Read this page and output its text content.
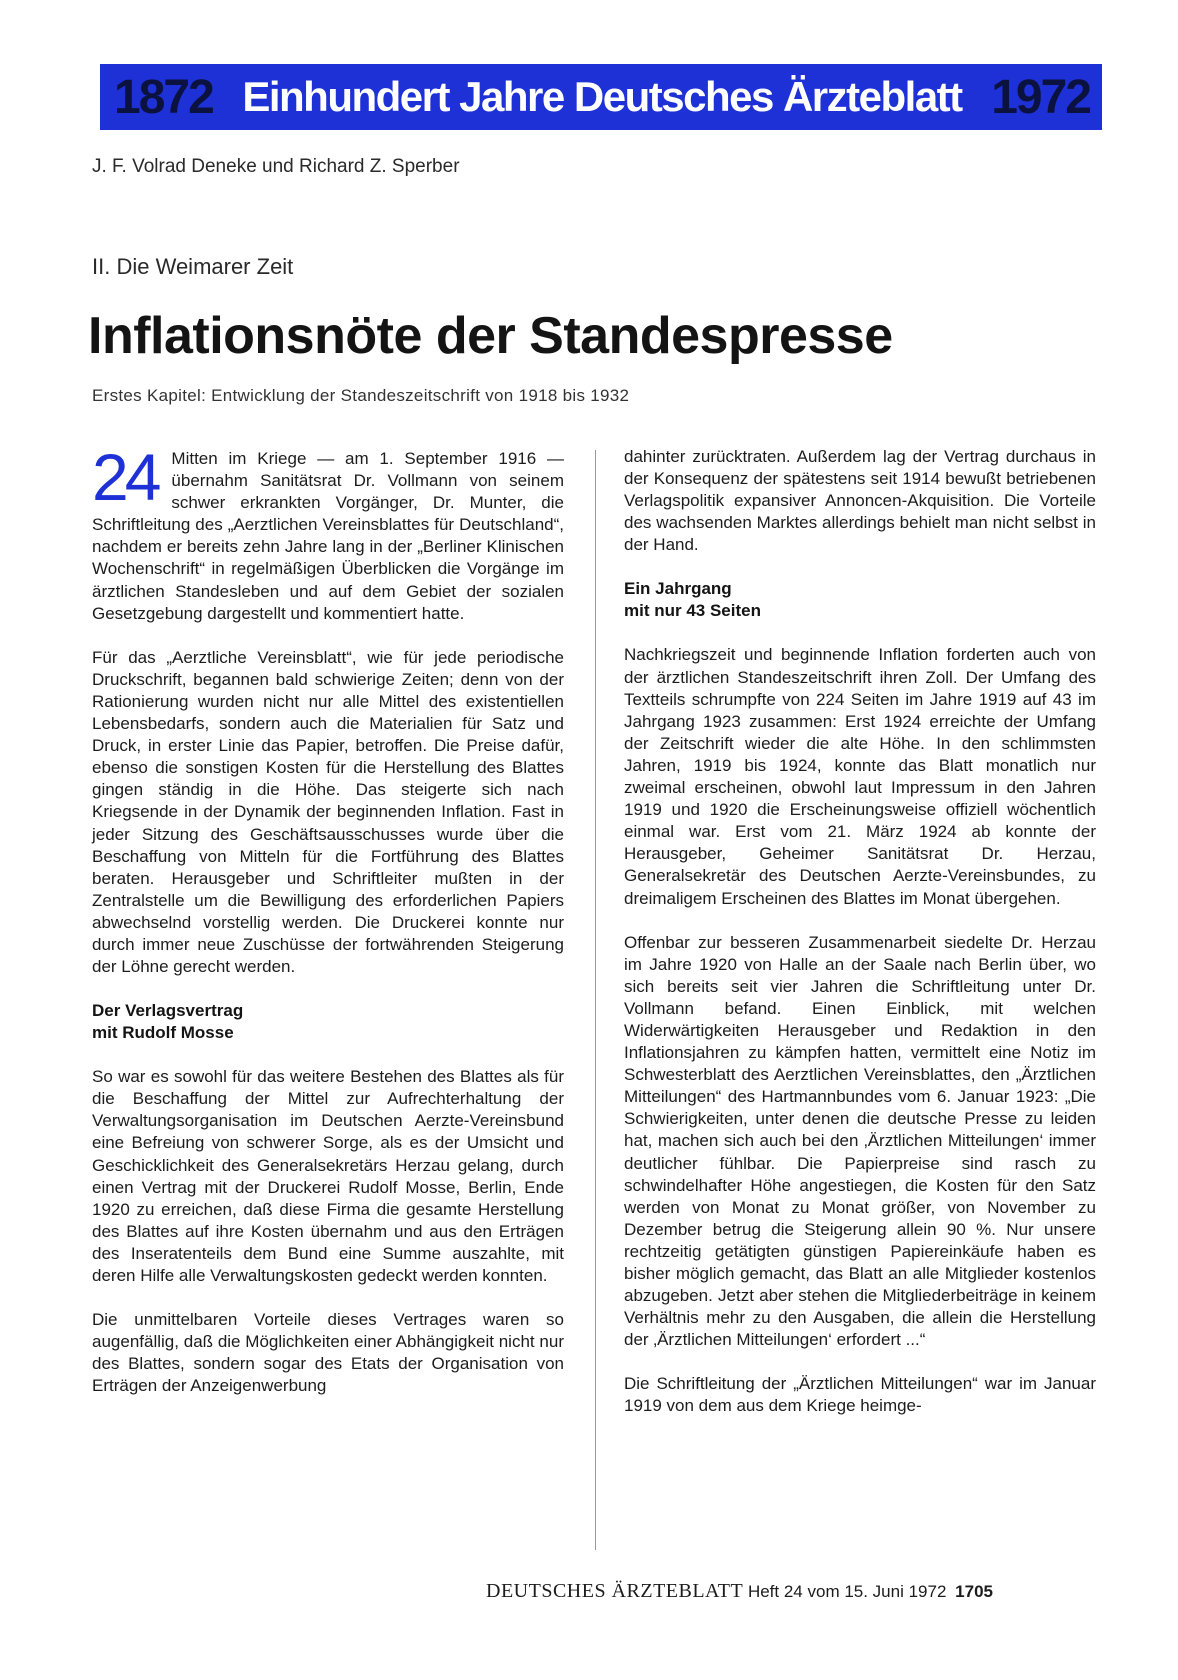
1872 Einhundert Jahre Deutsches Ärzteblatt 1972
J. F. Volrad Deneke und Richard Z. Sperber
II. Die Weimarer Zeit
Inflationsnöte der Standespresse
Erstes Kapitel: Entwicklung der Standeszeitschrift von 1918 bis 1932

24 Mitten im Kriege — am 1. September 1916 — übernahm Sanitätsrat Dr. Vollmann von seinem schwer erkrankten Vorgänger, Dr. Munter, die Schriftleitung des „Aerztlichen Vereinsblattes für Deutschland“, nachdem er bereits zehn Jahre lang in der „Berliner Klinischen Wochenschrift“ in regelmäßigen Überblicken die Vorgänge im ärztlichen Standesleben und auf dem Gebiet der sozialen Gesetzgebung dargestellt und kommentiert hatte.

Für das „Aerztliche Vereinsblatt“, wie für jede periodische Druckschrift, begannen bald schwierige Zeiten; denn von der Rationierung wurden nicht nur alle Mittel des existentiellen Lebensbedarfs, sondern auch die Materialien für Satz und Druck, in erster Linie das Papier, betroffen. Die Preise dafür, ebenso die sonstigen Kosten für die Herstellung des Blattes gingen ständig in die Höhe. Das steigerte sich nach Kriegsende in der Dynamik der beginnenden Inflation. Fast in jeder Sitzung des Geschäftsausschusses wurde über die Beschaffung von Mitteln für die Fortführung des Blattes beraten. Herausgeber und Schriftleiter mußten in der Zentralstelle um die Bewilligung des erforderlichen Papiers abwechselnd vorstellig werden. Die Druckerei konnte nur durch immer neue Zuschüsse der fortwährenden Steigerung der Löhne gerecht werden.

Der Verlagsvertrag
mit Rudolf Mosse

So war es sowohl für das weitere Bestehen des Blattes als für die Beschaffung der Mittel zur Aufrechterhaltung der Verwaltungsorganisation im Deutschen Aerzte-Vereinsbund eine Befreiung von schwerer Sorge, als es der Umsicht und Geschicklichkeit des Generalsekretärs Herzau gelang, durch einen Vertrag mit der Druckerei Rudolf Mosse, Berlin, Ende 1920 zu erreichen, daß diese Firma die gesamte Herstellung des Blattes auf ihre Kosten übernahm und aus den Erträgen des Inseratenteils dem Bund eine Summe auszahlte, mit deren Hilfe alle Verwaltungskosten gedeckt werden konnten.

Die unmittelbaren Vorteile dieses Vertrages waren so augenfällig, daß die Möglichkeiten einer Abhängigkeit nicht nur des Blattes, sondern sogar des Etats der Organisation von Erträgen der Anzeigenwerbung

dahinter zurücktraten. Außerdem lag der Vertrag durchaus in der Konsequenz der spätestens seit 1914 bewußt betriebenen Verlagspolitik expansiver Annoncen-Akquisition. Die Vorteile des wachsenden Marktes allerdings behielt man nicht selbst in der Hand.

Ein Jahrgang
mit nur 43 Seiten

Nachkriegszeit und beginnende Inflation forderten auch von der ärztlichen Standeszeitschrift ihren Zoll. Der Umfang des Textteils schrumpfte von 224 Seiten im Jahre 1919 auf 43 im Jahrgang 1923 zusammen: Erst 1924 erreichte der Umfang der Zeitschrift wieder die alte Höhe. In den schlimmsten Jahren, 1919 bis 1924, konnte das Blatt monatlich nur zweimal erscheinen, obwohl laut Impressum in den Jahren 1919 und 1920 die Erscheinungsweise offiziell wöchentlich einmal war. Erst vom 21. März 1924 ab konnte der Herausgeber, Geheimer Sanitätsrat Dr. Herzau, Generalsekretär des Deutschen Aerzte-Vereinsbundes, zu dreimaligem Erscheinen des Blattes im Monat übergehen.

Offenbar zur besseren Zusammenarbeit siedelte Dr. Herzau im Jahre 1920 von Halle an der Saale nach Berlin über, wo sich bereits seit vier Jahren die Schriftleitung unter Dr. Vollmann befand. Einen Einblick, mit welchen Widerwärtigkeiten Herausgeber und Redaktion in den Inflationsjahren zu kämpfen hatten, vermittelt eine Notiz im Schwesterblatt des Aerztlichen Vereinsblattes, den „Ärztlichen Mitteilungen“ des Hartmannbundes vom 6. Januar 1923: „Die Schwierigkeiten, unter denen die deutsche Presse zu leiden hat, machen sich auch bei den ‚Ärztlichen Mitteilungen‘ immer deutlicher fühlbar. Die Papierpreise sind rasch zu schwindelhafter Höhe angestiegen, die Kosten für den Satz werden von Monat zu Monat größer, von November zu Dezember betrug die Steigerung allein 90 %. Nur unsere rechtzeitig getätigten günstigen Papiereinkäufe haben es bisher möglich gemacht, das Blatt an alle Mitglieder kostenlos abzugeben. Jetzt aber stehen die Mitgliederbeiträge in keinem Verhältnis mehr zu den Ausgaben, die allein die Herstellung der ‚Ärztlichen Mitteilungen‘ erfordert ...“

Die Schriftleitung der „Ärztlichen Mitteilungen“ war im Januar 1919 von dem aus dem Kriege heimge-

DEUTSCHES ÄRZTEBLATT Heft 24 vom 15. Juni 1972 1705
